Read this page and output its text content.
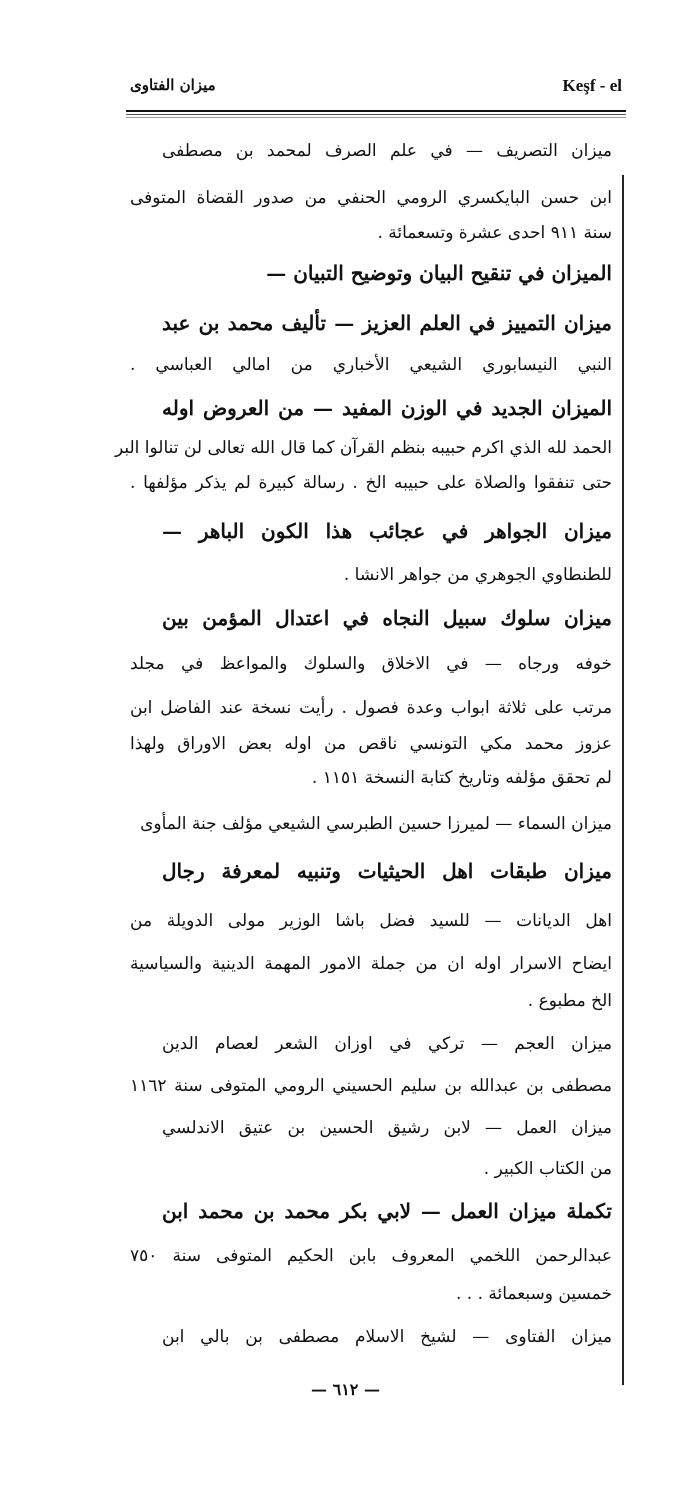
ميزان الفتاوى	Keşf - el
ميزان التصريف — في علم الصرف لمحمد بن مصطفى
ابن حسن البايكسري الرومي الحنفي من صدور القضاة المتوفى
سنة ٩١١ احدى عشرة وتسعمائة .
الميزان في تنقيح البيان وتوضيح التبيان —
ميزان التمييز في العلم العزيز — تأليف محمد بن عبد
النبي النيسابوري الشيعي الأخباري من امالي العباسي .
الميزان الجديد في الوزن المفيد — من العروض اوله
الحمد لله الذي اكرم حبيبه بنظم القرآن كما قال الله تعالى لن تنالوا البر
حتى تنفقوا والصلاة على حبيبه الخ . رسالة كبيرة لم يذكر مؤلفها .
ميزان الجواهر في عجائب هذا الكون الباهر —
للطنطاوي الجوهري من جواهر الانشا .
ميزان سلوك سبيل النجاه في اعتدال المؤمن بين
خوفه ورجاه — في الاخلاق والسلوك والمواعظ في مجلد
مرتب على ثلاثة ابواب وعدة فصول . رأيت نسخة عند الفاضل ابن
عزوز محمد مكي التونسي ناقص من اوله بعض الاوراق ولهذا
لم تحقق مؤلفه وتاريخ كتابة النسخة ١١٥١ .
ميزان السماء — لميرزا حسين الطبرسي الشيعي مؤلف جنة المأوى
ميزان طبقات اهل الحيثيات وتنبيه لمعرفة رجال
اهل الديانات — للسيد فضل باشا الوزير مولى الدويلة من
ايضاح الاسرار اوله ان من جملة الامور المهمة الدينية والسياسية
الخ مطبوع .
ميزان العجم — تركي في اوزان الشعر لعصام الدين
مصطفى بن عبدالله بن سليم الحسيني الرومي المتوفى سنة ١١٦٢
ميزان العمل — لابن رشيق الحسين بن عتيق الاندلسي
من الكتاب الكبير .
تكملة ميزان العمل — لابي بكر محمد بن محمد ابن
عبدالرحمن اللخمي المعروف بابن الحكيم المتوفى سنة ٧٥٠
خمسين وسبعمائة . . .
ميزان الفتاوى — لشيخ الاسلام مصطفى بن بالي ابن
— ٦١٢ —
